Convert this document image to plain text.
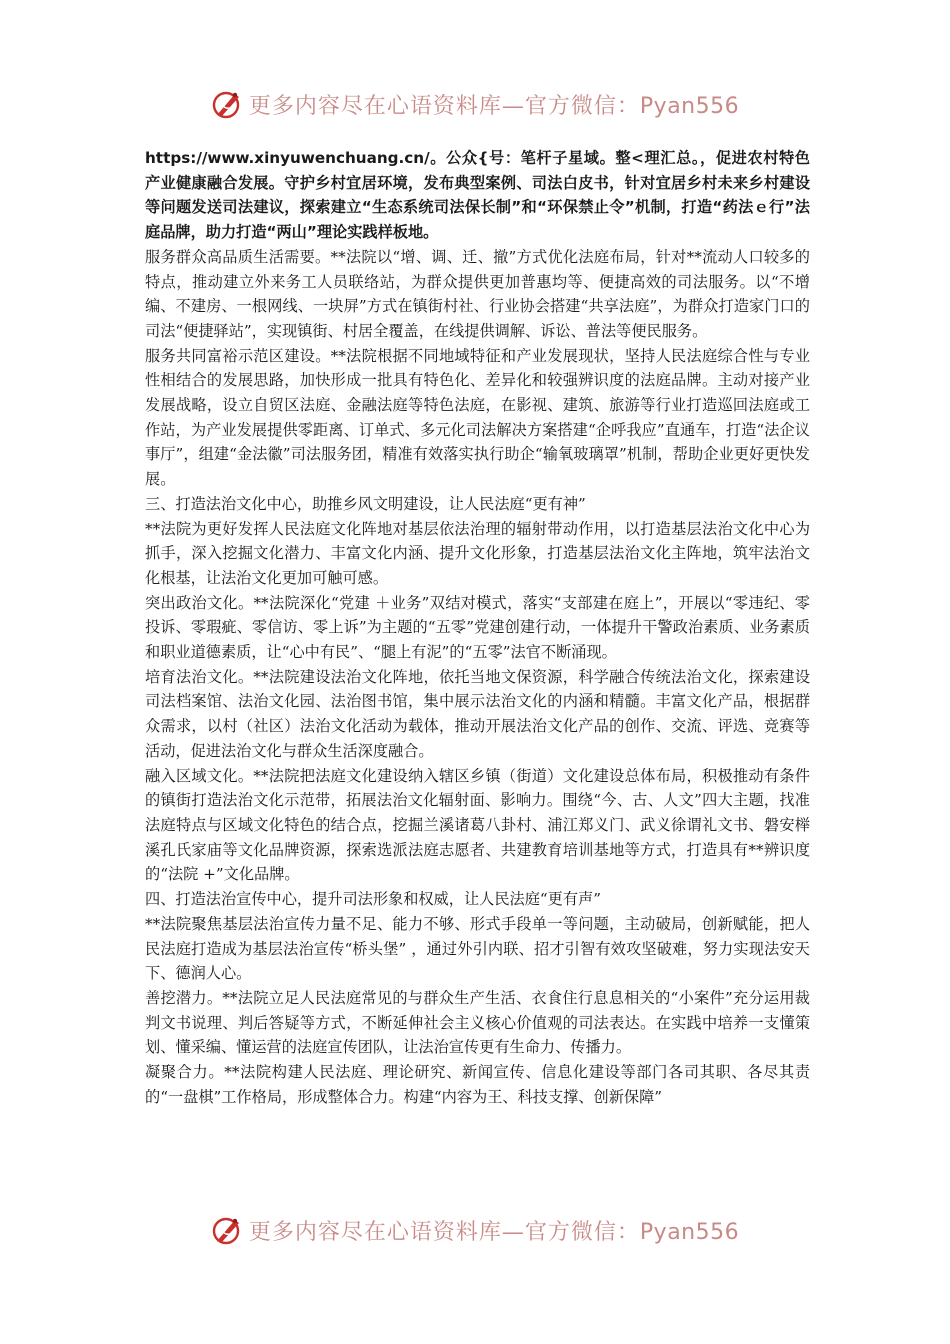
更多内容尽在心语资料库—官方微信：Pyan556

https://www.xinyuwenchuang.cn/。公众{号：笔杆子星域。整<理汇总。，促进农村特色产业健康融合发展。守护乡村宜居环境，发布典型案例、司法白皮书，针对宜居乡村未来乡村建设等问题发送司法建议，探索建立“生态系统司法保长制”和“环保禁止令”机制，打造“药法ｅ行”法庭品牌，助力打造“两山”理论实践样板地。

服务群众高品质生活需要。**法院以“增、调、迁、撤”方式优化法庭布局，针对**流动人口较多的特点，推动建立外来务工人员联络站，为群众提供更加普惠均等、便捷高效的司法服务。以“不增编、不建房、一根网线、一块屏”方式在镇街村社、行业协会搭建“共享法庭”，为群众打造家门口的司法“便捷驿站”，实现镇街、村居全覆盖，在线提供调解、诉讼、普法等便民服务。

服务共同富裕示范区建设。**法院根据不同地域特征和产业发展现状，坚持人民法庭综合性与专业性相结合的发展思路，加快形成一批具有特色化、差异化和较强辨识度的法庭品牌。主动对接产业发展战略，设立自贸区法庭、金融法庭等特色法庭，在影视、建筑、旅游等行业打造巡回法庭或工作站，为产业发展提供零距离、订单式、多元化司法解决方案搭建“企呼我应”直通车，打造“法企议事厅”，组建“金法徽”司法服务团，精准有效落实执行助企“输氧玻璃罩”机制，帮助企业更好更快发展。

三、打造法治文化中心，助推乡风文明建设，让人民法庭“更有神”

**法院为更好发挥人民法庭文化阵地对基层依法治理的辐射带动作用，以打造基层法治文化中心为抓手，深入挖掘文化潜力、丰富文化内涵、提升文化形象，打造基层法治文化主阵地，筑牢法治文化根基，让法治文化更加可触可感。

突出政治文化。**法院深化“党建 ＋业务”双结对模式，落实“支部建在庭上”，开展以“零违纪、零投诉、零瑕疵、零信访、零上诉”为主题的“五零”党建创建行动，一体提升干警政治素质、业务素质和职业道德素质，让“心中有民”、“腿上有泥”的“五零”法官不断涌现。

培育法治文化。**法院建设法治文化阵地，依托当地文保资源，科学融合传统法治文化，探索建设司法档案馆、法治文化园、法治图书馆，集中展示法治文化的内涵和精髓。丰富文化产品，根据群众需求，以村（社区）法治文化活动为载体，推动开展法治文化产品的创作、交流、评选、竞赛等活动，促进法治文化与群众生活深度融合。

融入区域文化。**法院把法庭文化建设纳入辖区乡镇（街道）文化建设总体布局，积极推动有条件的镇街打造法治文化示范带，拓展法治文化辐射面、影响力。围绕“今、古、人文”四大主题，找准法庭特点与区域文化特色的结合点，挖掘兰溪诸葛八卦村、浦江郑义门、武义徐谓礼文书、磐安榉溪孔氏家庙等文化品牌资源，探索选派法庭志愿者、共建教育培训基地等方式，打造具有**辨识度的“法院 +”文化品牌。

四、打造法治宣传中心，提升司法形象和权威，让人民法庭“更有声”

**法院聚焦基层法治宣传力量不足、能力不够、形式手段单一等问题，主动破局，创新赋能，把人民法庭打造成为基层法治宣传“桥头堡” ，通过外引内联、招才引智有效攻坚破难，努力实现法安天下、德润人心。

善挖潜力。**法院立足人民法庭常见的与群众生产生活、衣食住行息息相关的“小案件”充分运用裁判文书说理、判后答疑等方式，不断延伸社会主义核心价值观的司法表达。在实践中培养一支懂策划、懂采编、懂运营的法庭宣传团队，让法治宣传更有生命力、传播力。

凝聚合力。**法院构建人民法庭、理论研究、新闻宣传、信息化建设等部门各司其职、各尽其责的“一盘棋”工作格局，形成整体合力。构建“内容为王、科技支撑、创新保障”

更多内容尽在心语资料库—官方微信：Pyan556
